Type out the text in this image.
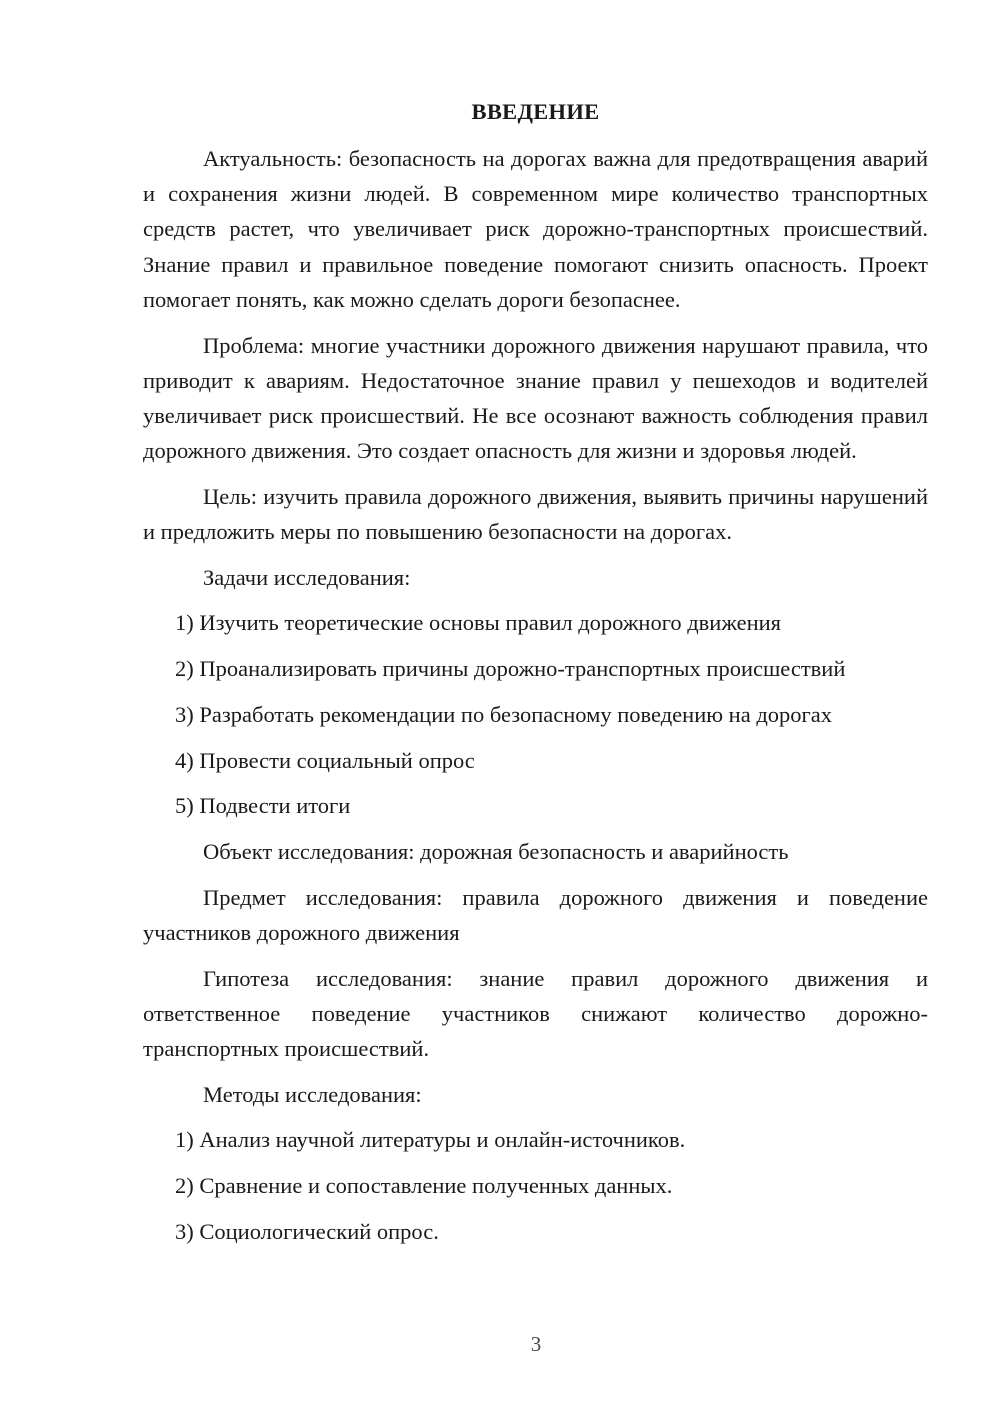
ВВЕДЕНИЕ

Актуальность: безопасность на дорогах важна для предотвращения аварий и сохранения жизни людей. В современном мире количество транспортных средств растет, что увеличивает риск дорожно-транспортных происшествий. Знание правил и правильное поведение помогают снизить опасность. Проект помогает понять, как можно сделать дороги безопаснее.

Проблема: многие участники дорожного движения нарушают правила, что приводит к авариям. Недостаточное знание правил у пешеходов и водителей увеличивает риск происшествий. Не все осознают важность соблюдения правил дорожного движения. Это создает опасность для жизни и здоровья людей.

Цель: изучить правила дорожного движения, выявить причины нарушений и предложить меры по повышению безопасности на дорогах.

Задачи исследования:

1) Изучить теоретические основы правил дорожного движения

2) Проанализировать причины дорожно-транспортных происшествий

3) Разработать рекомендации по безопасному поведению на дорогах

4) Провести социальный опрос

5) Подвести итоги

Объект исследования: дорожная безопасность и аварийность

Предмет исследования: правила дорожного движения и поведение участников дорожного движения

Гипотеза исследования: знание правил дорожного движения и ответственное поведение участников снижают количество дорожно-транспортных происшествий.

Методы исследования:

1) Анализ научной литературы и онлайн-источников.

2) Сравнение и сопоставление полученных данных.

3) Социологический опрос.

3
